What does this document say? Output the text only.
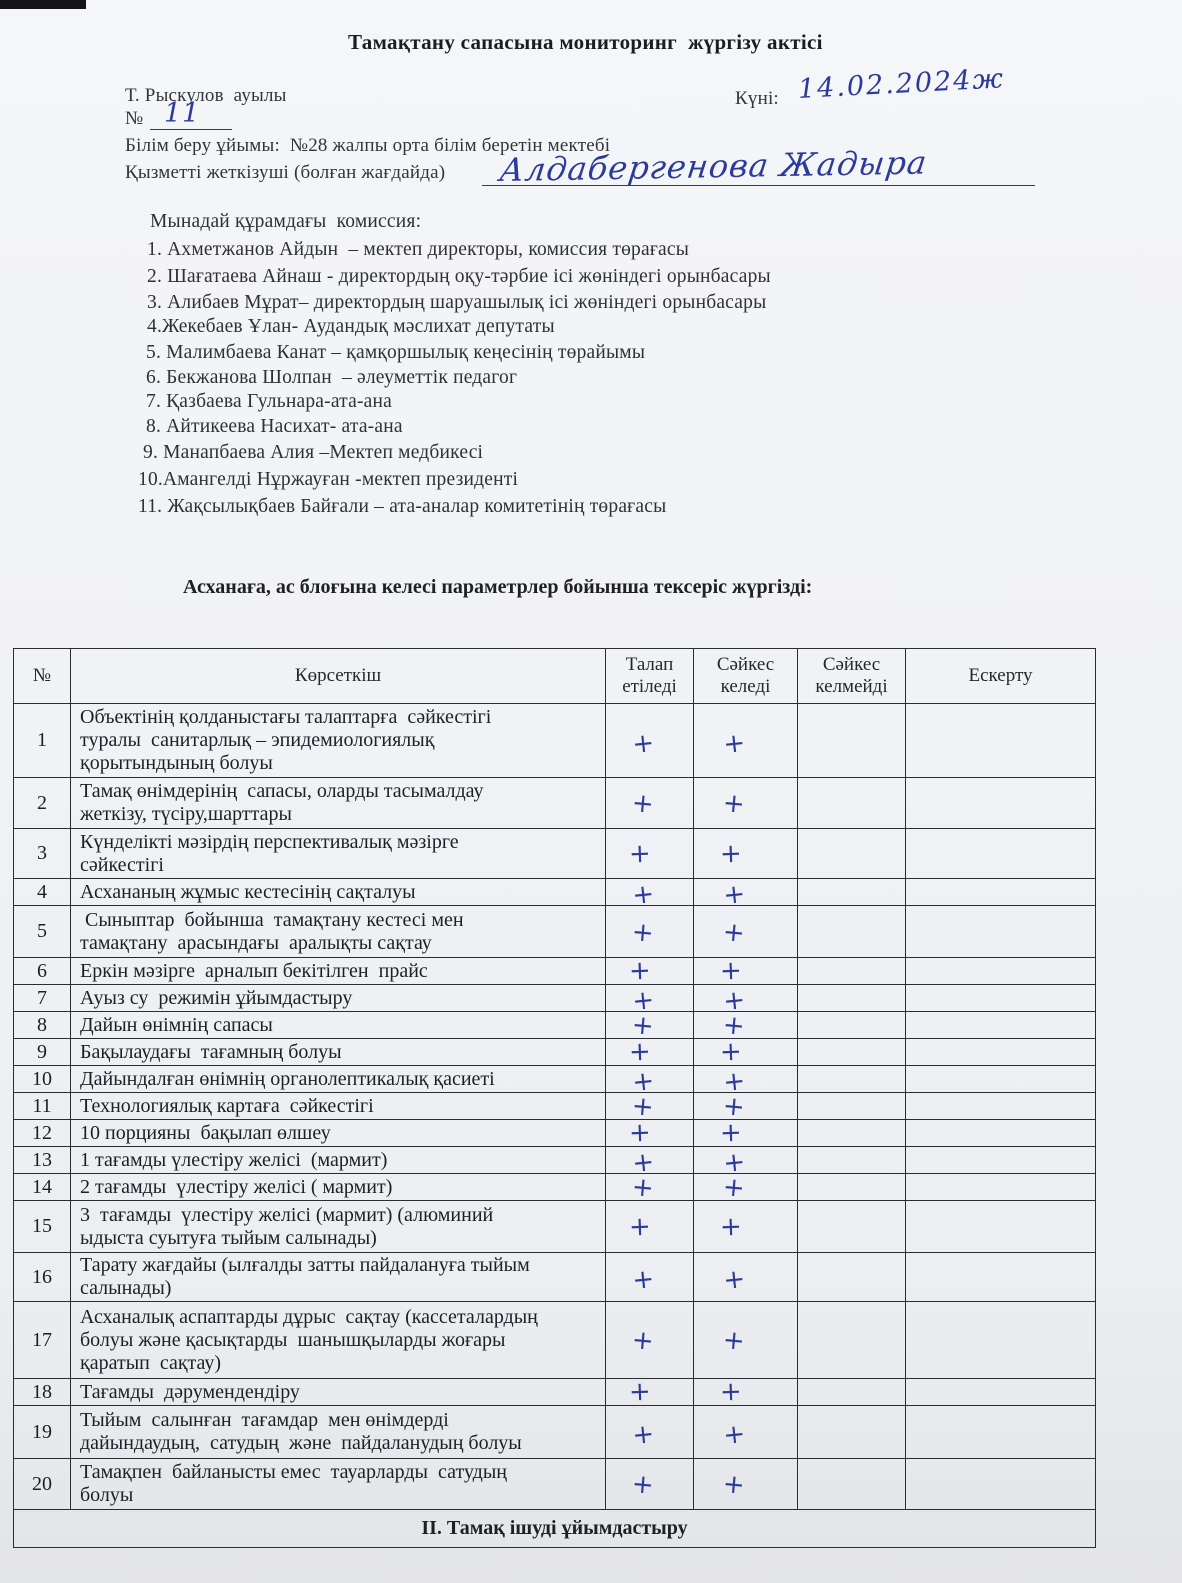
Тамақтану сапасына мониторинг  жүргізу актісі
Т. Рыскулов  ауылы	Күні: 14.02.2024ж
№ 11
Білім беру ұйымы:  №28 жалпы орта білім беретін мектебі
Қызметті жеткізуші (болған жағдайда) Алдабергенова Жадыра
Мынадай құрамдағы  комиссия:
1. Ахметжанов Айдын  – мектеп директоры, комиссия төрағасы
2. Шағатаева Айнаш - директордың оқу-тәрбие ісі жөніндегі орынбасары
3. Алибаев Мұрат– директордың шаруашылық ісі жөніндегі орынбасары
4.Жекебаев Ұлан- Аудандық мәслихат депутаты
5. Малимбаева Канат – қамқоршылық кеңесінің төрайымы
6. Бекжанова Шолпан  – әлеуметтік педагог
7. Қазбаева Гульнара-ата-ана
8. Айтикеева Насихат- ата-ана
9. Манапбаева Алия –Мектеп медбикесі
10.Амангелді Нұржауған -мектеп президенті
11. Жақсылықбаев Байғали – ата-аналар комитетінің төрағасы
Асханаға, ас блоғына келесі параметрлер бойынша тексеріс жүргізді:
№	Көрсеткіш	Талап етіледі	Сәйкес келеді	Сәйкес келмейді	Ескерту
1	Объектінің қолданыстағы талаптарға  сәйкестігі туралы  санитарлық – эпидемиологиялық қорытындының болуы	+	+		
2	Тамақ өнімдерінің  сапасы, оларды тасымалдау жеткізу, түсіру,шарттары	+	+		
3	Күнделікті мәзірдің перспективалық мәзірге сәйкестігі	+	+		
4	Асхананың жұмыс кестесінің сақталуы	+	+		
5	Сыныптар  бойынша  тамақтану кестесі мен тамақтану  арасындағы  аралықты сақтау	+	+		
6	Еркін мәзірге  арналып бекітілген  прайс	+	+		
7	Ауыз су  режимін ұйымдастыру	+	+		
8	Дайын өнімнің сапасы	+	+		
9	Бақылаудағы  тағамның болуы	+	+		
10	Дайындалған өнімнің органолептикалық қасиеті	+	+		
11	Технологиялық картаға  сәйкестігі	+	+		
12	10 порцияны  бақылап өлшеу	+	+		
13	1 тағамды үлестіру желісі  (мармит)	+	+		
14	2 тағамды  үлестіру желісі ( мармит)	+	+		
15	3  тағамды  үлестіру желісі (мармит) (алюминий ыдыста суытуға тыйым салынады)	+	+		
16	Тарату жағдайы (ылғалды затты пайдалануға тыйым салынады)	+	+		
17	Асханалық аспаптарды дұрыс  сақтау (кассеталардың болуы және қасықтарды  шанышқыларды жоғары қаратып  сақтау)	+	+		
18	Тағамды  дәрумендендіру	+	+		
19	Тыйым  салынған  тағамдар  мен өнімдерді дайындаудың,  сатудың  және  пайдаланудың болуы	+	+		
20	Тамақпен  байланысты емес  тауарларды  сатудың болуы	+	+		
II. Тамақ ішуді ұйымдастыру					
